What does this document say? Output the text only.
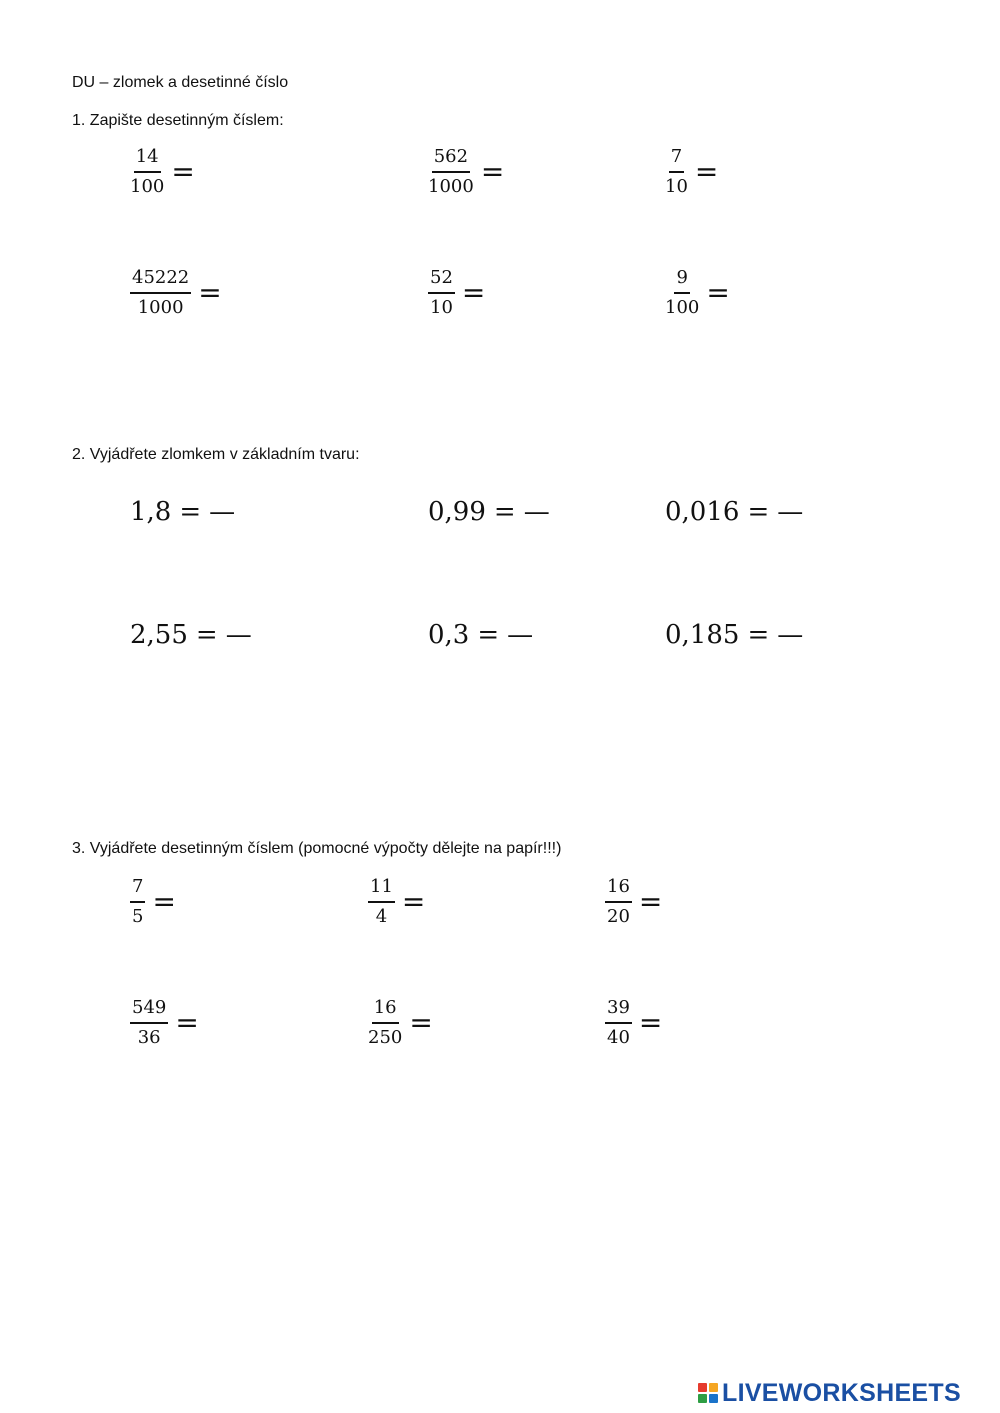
DU – zlomek a desetinné číslo
1. Zapište desetinným číslem:
$\frac{14}{100}$ =	$\frac{562}{1000}$ =	$\frac{7}{10}$ =
$\frac{45222}{1000}$ =	$\frac{52}{10}$ =	$\frac{9}{100}$ =
2. Vyjádřete zlomkem v základním tvaru:
1,8 = —	0,99 = —	0,016 = —
2,55 = —	0,3 = —	0,185 = —
3. Vyjádřete desetinným číslem (pomocné výpočty dělejte na papír!!!)
$\frac{7}{5}$ =	$\frac{11}{4}$ =	$\frac{16}{20}$ =
$\frac{549}{36}$ =	$\frac{16}{250}$ =	$\frac{39}{40}$ =
LIVEWORKSHEETS
